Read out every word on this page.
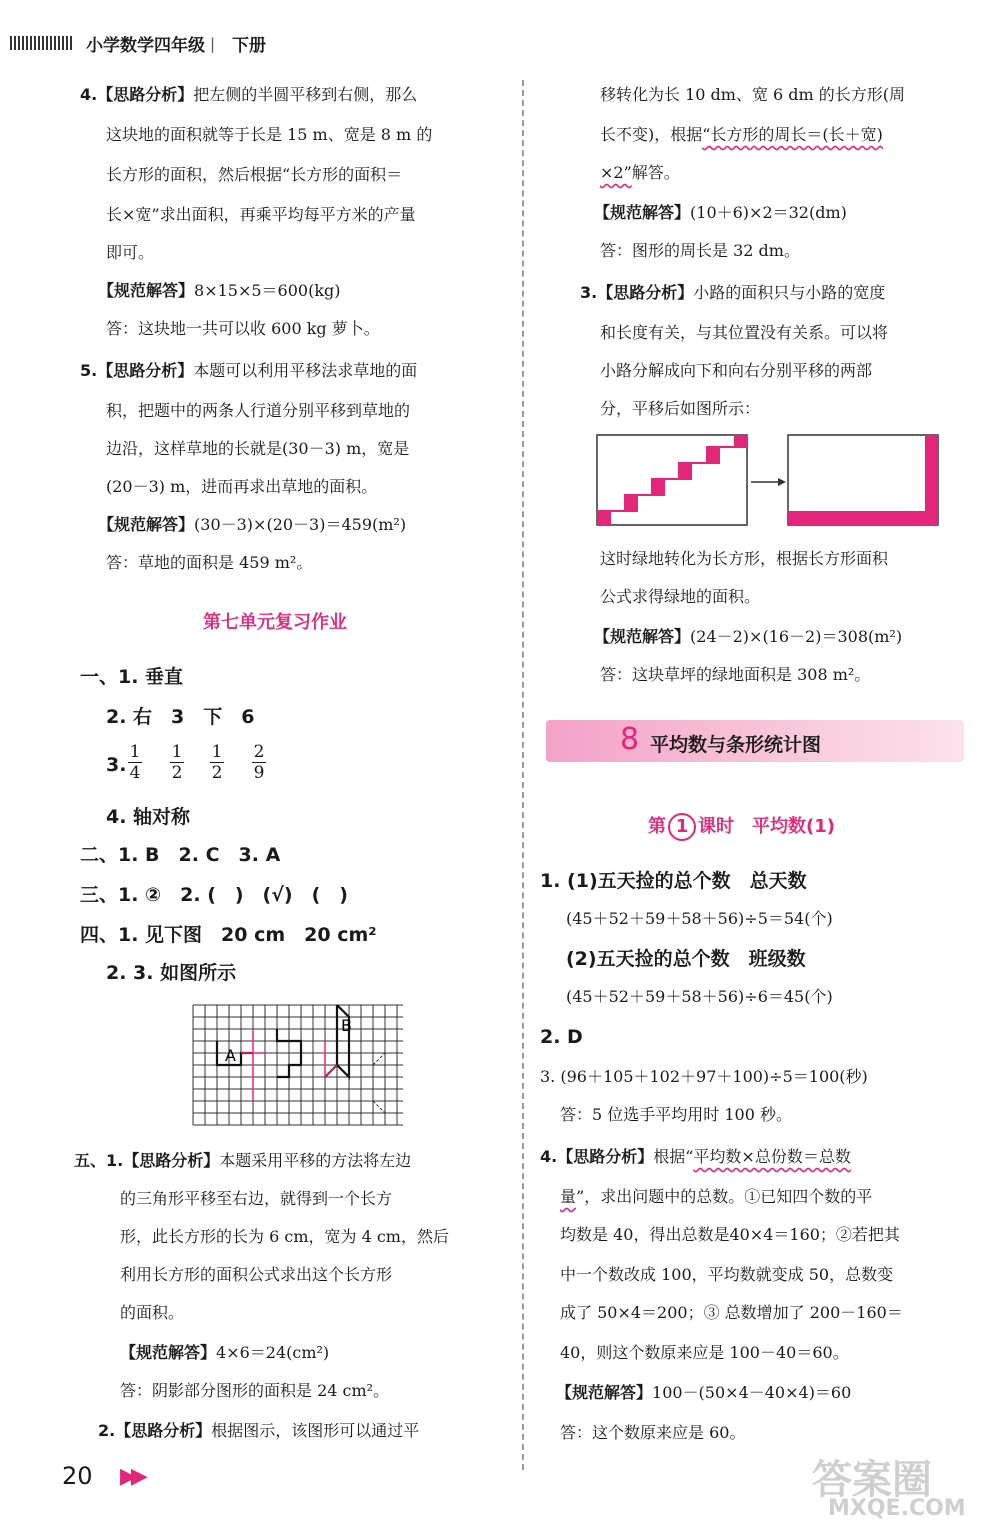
小学数学四年级 | 下册
4.【思路分析】把左侧的半圆平移到右侧，那么
这块地的面积就等于长是 15 m、宽是 8 m 的
长方形的面积，然后根据“长方形的面积＝
长×宽”求出面积，再乘平均每平方米的产量
即可。
【规范解答】8×15×5＝600(kg)
答：这块地一共可以收 600 kg 萝卜。
5.【思路分析】本题可以利用平移法求草地的面
积，把题中的两条人行道分别平移到草地的
边沿，这样草地的长就是(30－3) m，宽是
(20－3) m，进而再求出草地的面积。
【规范解答】(30－3)×(20－3)＝459(m²)
答：草地的面积是 459 m²。
第七单元复习作业
一、1. 垂直
2. 右　3　下　6
3.
1
4
1
2
1
2
2
9
4. 轴对称
二、1. B　2. C　3. A
三、1. ②　2. (　)　(√)　(　)
四、1. 见下图　20 cm　20 cm²
2. 3. 如图所示
A
B
五、1.【思路分析】本题采用平移的方法将左边
的三角形平移至右边，就得到一个长方
形，此长方形的长为 6 cm，宽为 4 cm，然后
利用长方形的面积公式求出这个长方形
的面积。
【规范解答】4×6＝24(cm²)
答：阴影部分图形的面积是 24 cm²。
2.【思路分析】根据图示，该图形可以通过平
移转化为长 10 dm、宽 6 dm 的长方形(周
长不变)，根据“长方形的周长＝(长＋宽)
×2”解答。
【规范解答】(10＋6)×2＝32(dm)
答：图形的周长是 32 dm。
3.【思路分析】小路的面积只与小路的宽度
和长度有关，与其位置没有关系。可以将
小路分解成向下和向右分别平移的两部
分，平移后如图所示：
这时绿地转化为长方形，根据长方形面积
公式求得绿地的面积。
【规范解答】(24－2)×(16－2)＝308(m²)
答：这块草坪的绿地面积是 308 m²。
8 平均数与条形统计图
第 1 课时　平均数(1)
1. (1)五天捡的总个数　总天数
(45＋52＋59＋58＋56)÷5＝54(个)
(2)五天捡的总个数　班级数
(45＋52＋59＋58＋56)÷6＝45(个)
2. D
3. (96＋105＋102＋97＋100)÷5＝100(秒)
答：5 位选手平均用时 100 秒。
4.【思路分析】根据“平均数×总份数＝总数
量”，求出问题中的总数。①已知四个数的平
均数是 40，得出总数是40×4＝160；②若把其
中一个数改成 100，平均数就变成 50，总数变
成了 50×4＝200；③ 总数增加了 200－160＝
40，则这个数原来应是 100－40＝60。
【规范解答】100－(50×4－40×4)＝60
答：这个数原来应是 60。
20 ▶▶	答案圈
MXQE.COM
